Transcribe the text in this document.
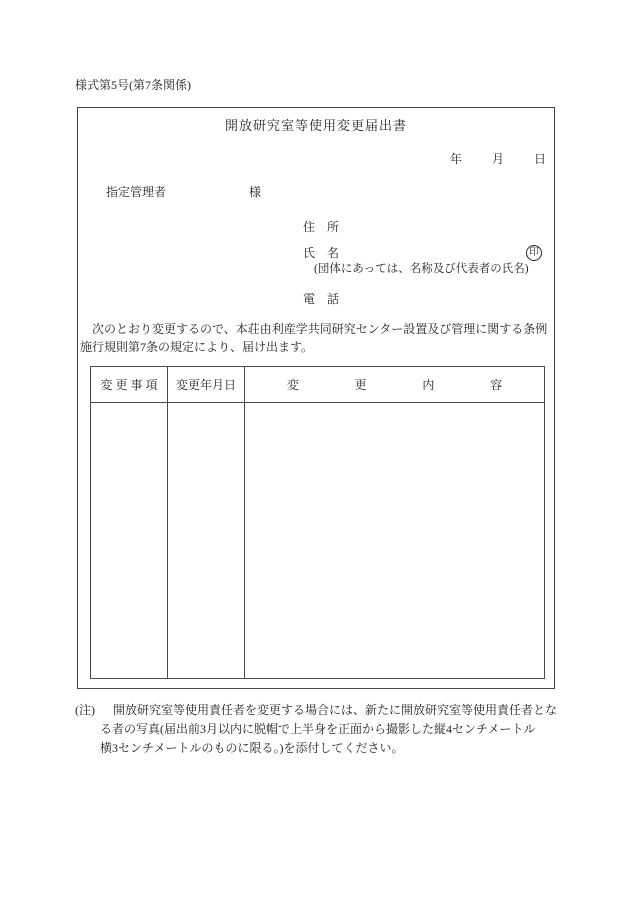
様式第5号(第7条関係)
開放研究室等使用変更届出書
年	月	日
指定管理者	様
住　所
氏　名	印
(団体にあっては、名称及び代表者の氏名)
電　話
　次のとおり変更するので、本荘由利産学共同研究センター設置及び管理に関する条例
施行規則第7条の規定により、届け出ます。
変 更 事 項	変更年月日	変 更 内 容

(注)	開放研究室等使用責任者を変更する場合には、新たに開放研究室等使用責任者とな
る者の写真(届出前3月以内に脱帽で上半身を正面から撮影した縦4センチメートル
横3センチメートルのものに限る。)を添付してください。
